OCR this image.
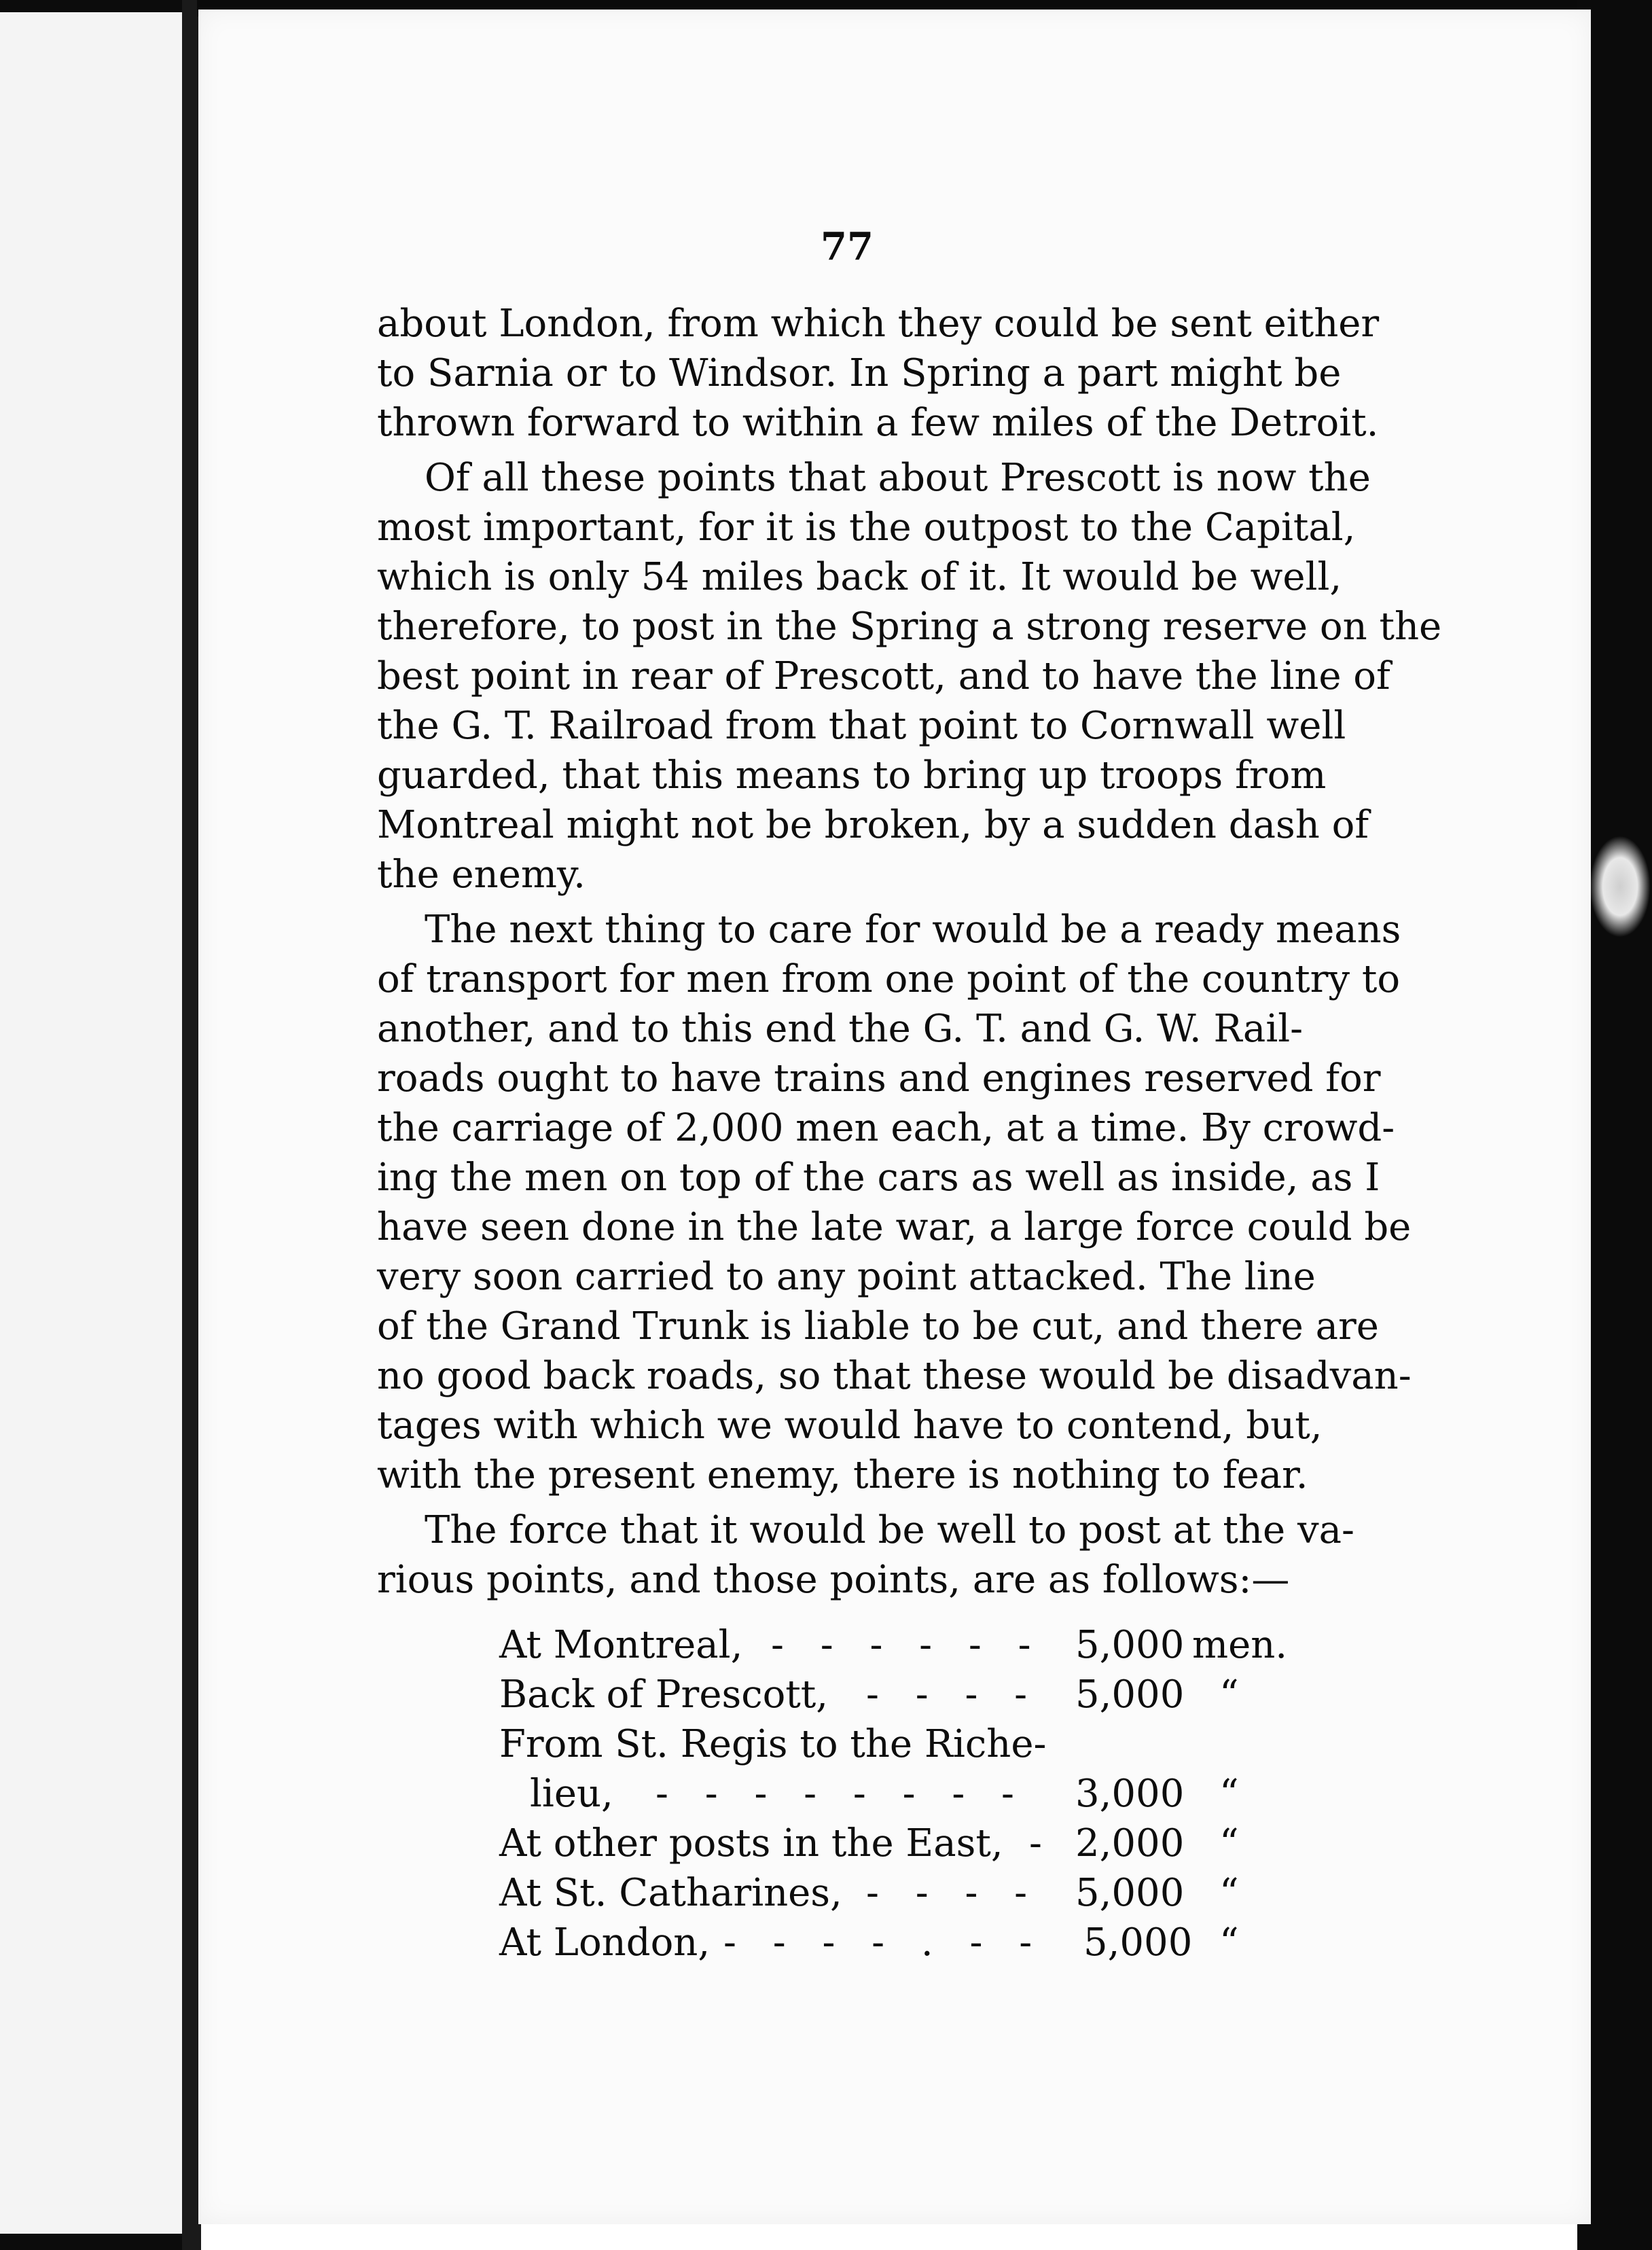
77
about London, from which they could be sent either
to Sarnia or to Windsor. In Spring a part might be
thrown forward to within a few miles of the Detroit.
Of all these points that about Prescott is now the
most important, for it is the outpost to the Capital,
which is only 54 miles back of it. It would be well,
therefore, to post in the Spring a strong reserve on the
best point in rear of Prescott, and to have the line of
the G. T. Railroad from that point to Cornwall well
guarded, that this means to bring up troops from
Montreal might not be broken, by a sudden dash of
the enemy.
The next thing to care for would be a ready means
of transport for men from one point of the country to
another, and to this end the G. T. and G. W. Rail-
roads ought to have trains and engines reserved for
the carriage of 2,000 men each, at a time. By crowd-
ing the men on top of the cars as well as inside, as I
have seen done in the late war, a large force could be
very soon carried to any point attacked. The line
of the Grand Trunk is liable to be cut, and there are
no good back roads, so that these would be disadvan-
tages with which we would have to contend, but,
with the present enemy, there is nothing to fear.
The force that it would be well to post at the va-
rious points, and those points, are as follows:—
At Montreal, - - - - - - 5,000 men.
Back of Prescott, - - - - 5,000 “
From St. Regis to the Riche-
lieu, - - - - - - - - 3,000 “
At other posts in the East, - 2,000 “
At St. Catharines, - - - - 5,000 “
At London, - - - - . - - 5,000 “
